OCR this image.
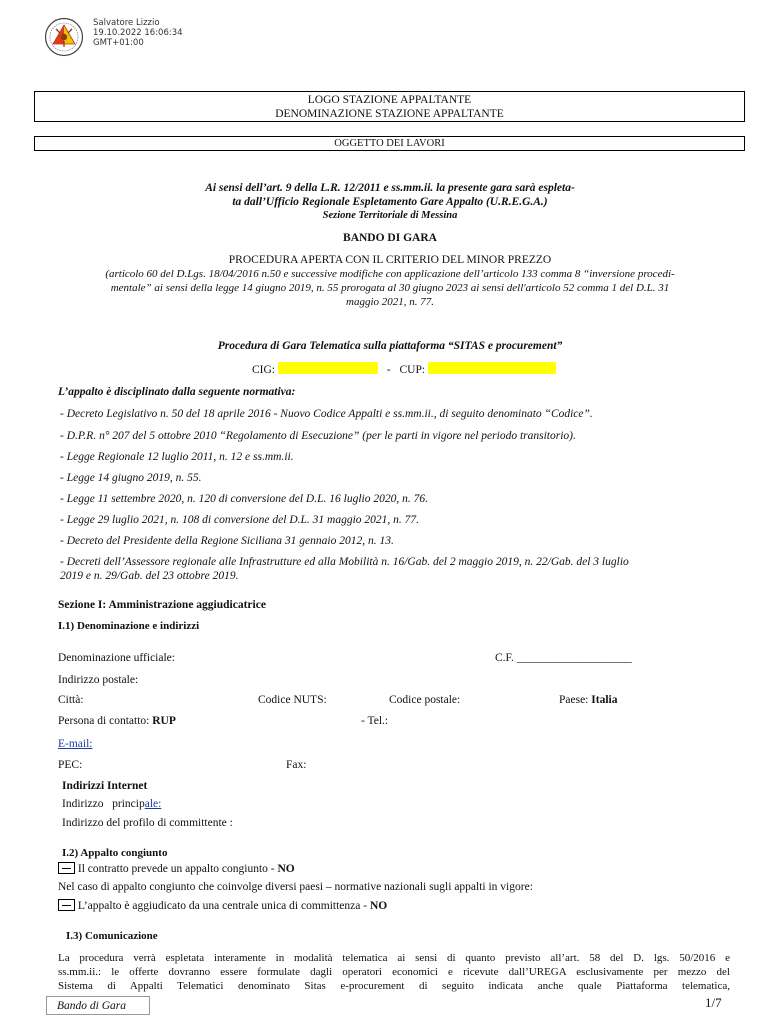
Salvatore Lizzio
19.10.2022 16:06:34
GMT+01:00
LOGO STAZIONE APPALTANTE
DENOMINAZIONE STAZIONE APPALTANTE
OGGETTO DEI LAVORI
Ai sensi dell’art. 9 della L.R. 12/2011 e ss.mm.ii. la presente gara sarà espleta-
ta dall’Ufficio Regionale Espletamento Gare Appalto (U.R.E.G.A.)
Sezione Territoriale di Messina
BANDO DI GARA
PROCEDURA APERTA CON IL CRITERIO DEL MINOR PREZZO
(articolo 60 del D.Lgs. 18/04/2016 n.50 e successive modifiche con applicazione dell’articolo 133 comma 8 “inversione procedi-
mentale” ai sensi della legge 14 giugno 2019, n. 55 prorogata al 30 giugno 2023 ai sensi dell'articolo 52 comma 1 del D.L. 31
maggio 2021, n. 77.
Procedura di Gara Telematica sulla piattaforma “SITAS e procurement”
CIG:	- CUP:
L’appalto è disciplinato dalla seguente normativa:
- Decreto Legislativo n. 50 del 18 aprile 2016 - Nuovo Codice Appalti e ss.mm.ii., di seguito denominato “Codice”.
- D.P.R. n° 207 del 5 ottobre 2010 “Regolamento di Esecuzione” (per le parti in vigore nel periodo transitorio).
- Legge Regionale 12 luglio 2011, n. 12 e ss.mm.ii.
- Legge 14 giugno 2019, n. 55.
- Legge 11 settembre 2020, n. 120 di conversione del D.L. 16 luglio 2020, n. 76.
- Legge 29 luglio 2021, n. 108 di conversione del D.L. 31 maggio 2021, n. 77.
- Decreto del Presidente della Regione Siciliana 31 gennaio 2012, n. 13.
- Decreti dell’Assessore regionale alle Infrastrutture ed alla Mobilità n. 16/Gab. del 2 maggio 2019, n. 22/Gab. del 3 luglio
2019 e n. 29/Gab. del 23 ottobre 2019.
Sezione I: Amministrazione aggiudicatrice
I.1) Denominazione e indirizzi
Denominazione ufficiale:	C.F. ____________________
Indirizzo postale:
Città:	Codice NUTS:	Codice postale:	Paese: Italia
Persona di contatto: RUP	- Tel.:
E-mail:
PEC:	Fax:
Indirizzi Internet
Indirizzo   principale:
Indirizzo del profilo di committente :
I.2) Appalto congiunto
Il contratto prevede un appalto congiunto - NO
Nel caso di appalto congiunto che coinvolge diversi paesi – normative nazionali sugli appalti in vigore:
L’appalto è aggiudicato da una centrale unica di committenza - NO
I.3) Comunicazione
La procedura verrà espletata interamente in modalità telematica ai sensi di quanto previsto all’art. 58 del D. lgs. 50/2016 e
ss.mm.ii.: le offerte dovranno essere formulate dagli operatori economici e ricevute dall’UREGA esclusivamente per mezzo del
Sistema di Appalti Telematici denominato Sitas e-procurement di seguito indicata anche quale Piattaforma telematica,
Bando di Gara	1/7
